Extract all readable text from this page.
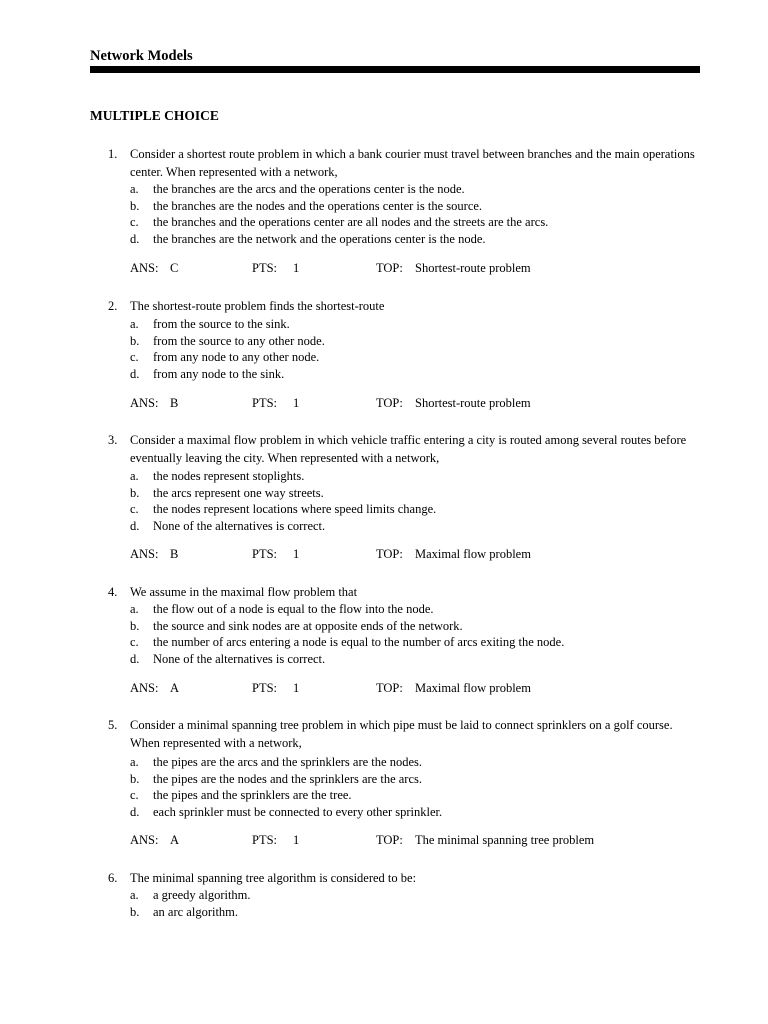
Network Models
MULTIPLE CHOICE
1. Consider a shortest route problem in which a bank courier must travel between branches and the main operations center. When represented with a network,
a. the branches are the arcs and the operations center is the node.
b. the branches are the nodes and the operations center is the source.
c. the branches and the operations center are all nodes and the streets are the arcs.
d. the branches are the network and the operations center is the node.
ANS: C	PTS: 1	TOP: Shortest-route problem
2. The shortest-route problem finds the shortest-route
a. from the source to the sink.
b. from the source to any other node.
c. from any node to any other node.
d. from any node to the sink.
ANS: B	PTS: 1	TOP: Shortest-route problem
3. Consider a maximal flow problem in which vehicle traffic entering a city is routed among several routes before eventually leaving the city. When represented with a network,
a. the nodes represent stoplights.
b. the arcs represent one way streets.
c. the nodes represent locations where speed limits change.
d. None of the alternatives is correct.
ANS: B	PTS: 1	TOP: Maximal flow problem
4. We assume in the maximal flow problem that
a. the flow out of a node is equal to the flow into the node.
b. the source and sink nodes are at opposite ends of the network.
c. the number of arcs entering a node is equal to the number of arcs exiting the node.
d. None of the alternatives is correct.
ANS: A	PTS: 1	TOP: Maximal flow problem
5. Consider a minimal spanning tree problem in which pipe must be laid to connect sprinklers on a golf course. When represented with a network,
a. the pipes are the arcs and the sprinklers are the nodes.
b. the pipes are the nodes and the sprinklers are the arcs.
c. the pipes and the sprinklers are the tree.
d. each sprinkler must be connected to every other sprinkler.
ANS: A	PTS: 1	TOP: The minimal spanning tree problem
6. The minimal spanning tree algorithm is considered to be:
a. a greedy algorithm.
b. an arc algorithm.
